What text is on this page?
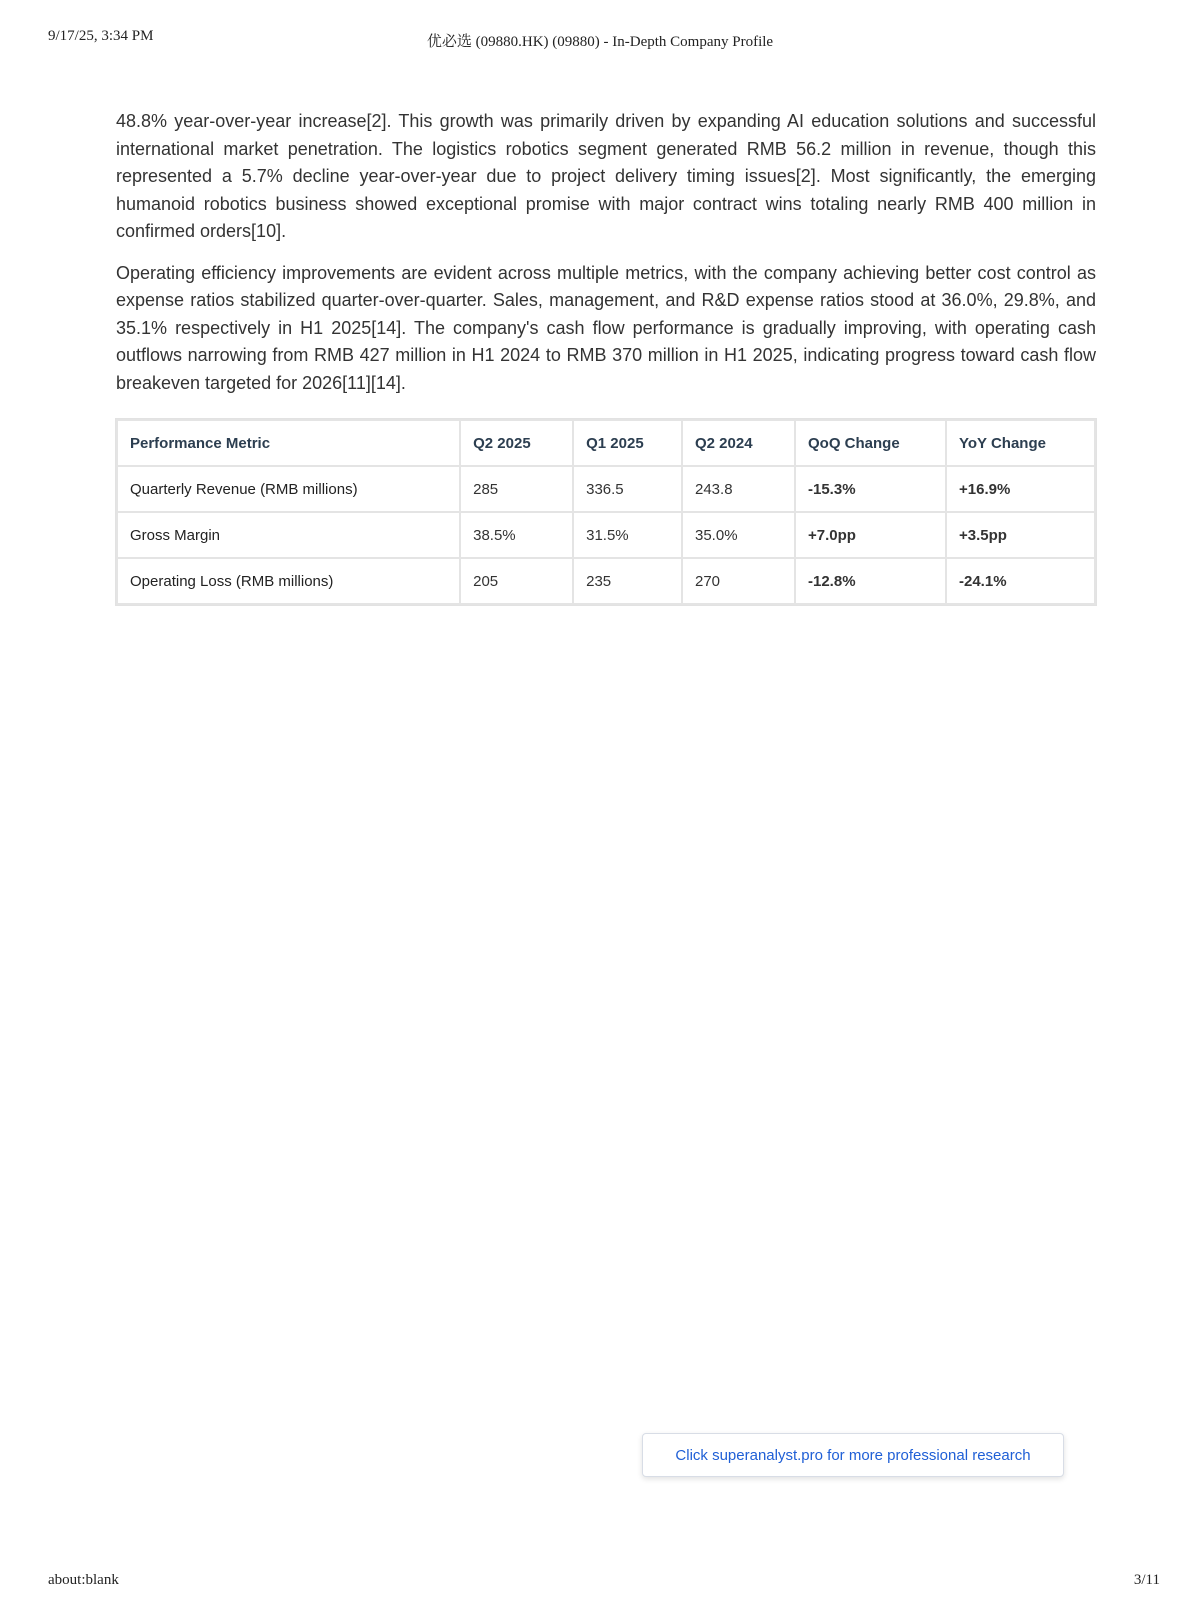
9/17/25, 3:34 PM	优必选 (09880.HK) (09880) - In-Depth Company Profile

48.8% year-over-year increase[2]. This growth was primarily driven by expanding AI education solutions and successful international market penetration. The logistics robotics segment generated RMB 56.2 million in revenue, though this represented a 5.7% decline year-over-year due to project delivery timing issues[2]. Most significantly, the emerging humanoid robotics business showed exceptional promise with major contract wins totaling nearly RMB 400 million in confirmed orders[10].

Operating efficiency improvements are evident across multiple metrics, with the company achieving better cost control as expense ratios stabilized quarter-over-quarter. Sales, management, and R&D expense ratios stood at 36.0%, 29.8%, and 35.1% respectively in H1 2025[14]. The company's cash flow performance is gradually improving, with operating cash outflows narrowing from RMB 427 million in H1 2024 to RMB 370 million in H1 2025, indicating progress toward cash flow breakeven targeted for 2026[11][14].

Performance Metric	Q2 2025	Q1 2025	Q2 2024	QoQ Change	YoY Change
Quarterly Revenue (RMB millions)	285	336.5	243.8	-15.3%	+16.9%
Gross Margin	38.5%	31.5%	35.0%	+7.0pp	+3.5pp
Operating Loss (RMB millions)	205	235	270	-12.8%	-24.1%
Click superanalyst.pro for more professional research
about:blank	3/11
